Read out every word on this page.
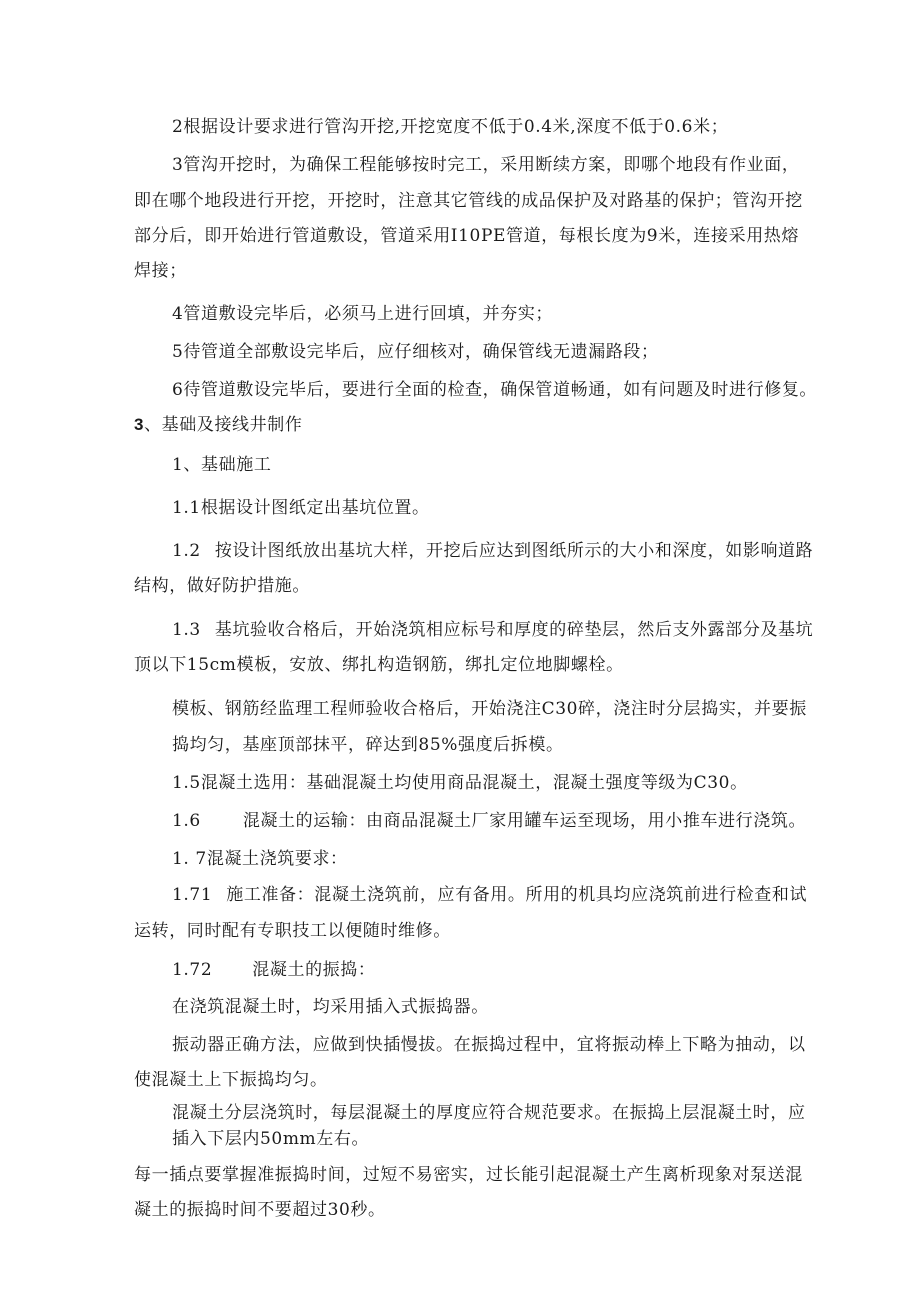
2根据设计要求进行管沟开挖,开挖宽度不低于0.4米,深度不低于0.6米；

3管沟开挖时，为确保工程能够按时完工，采用断续方案，即哪个地段有作业面，

即在哪个地段进行开挖，开挖时，注意其它管线的成品保护及对路基的保护；管沟开挖

部分后，即开始进行管道敷设，管道采用I10PE管道，每根长度为9米，连接采用热熔

焊接；

4管道敷设完毕后，必须马上进行回填，并夯实；

5待管道全部敷设完毕后，应仔细核对，确保管线无遗漏路段；

6待管道敷设完毕后，要进行全面的检查，确保管道畅通，如有问题及时进行修复。

3、基础及接线井制作

1、基础施工

1.1根据设计图纸定出基坑位置。

1.2 按设计图纸放出基坑大样，开挖后应达到图纸所示的大小和深度，如影响道路

结构，做好防护措施。

1.3 基坑验收合格后，开始浇筑相应标号和厚度的碎垫层，然后支外露部分及基坑

顶以下15cm模板，安放、绑扎构造钢筋，绑扎定位地脚螺栓。

模板、钢筋经监理工程师验收合格后，开始浇注C30碎，浇注时分层捣实，并要振

捣均匀，基座顶部抹平，碎达到85%强度后拆模。

1.5混凝土选用：基础混凝土均使用商品混凝土，混凝土强度等级为C30。

1.6 混凝土的运输：由商品混凝土厂家用罐车运至现场，用小推车进行浇筑。

1. 7混凝土浇筑要求：

1.71 施工准备：混凝土浇筑前，应有备用。所用的机具均应浇筑前进行检查和试

运转，同时配有专职技工以便随时维修。

1.72 混凝土的振捣：

在浇筑混凝土时，均采用插入式振捣器。

振动器正确方法，应做到快插慢拔。在振捣过程中，宜将振动棒上下略为抽动，以

使混凝土上下振捣均匀。

混凝土分层浇筑时，每层混凝土的厚度应符合规范要求。在振捣上层混凝土时，应

插入下层内50mm左右。

每一插点要掌握准振捣时间，过短不易密实，过长能引起混凝土产生离析现象对泵送混

凝土的振捣时间不要超过30秒。
